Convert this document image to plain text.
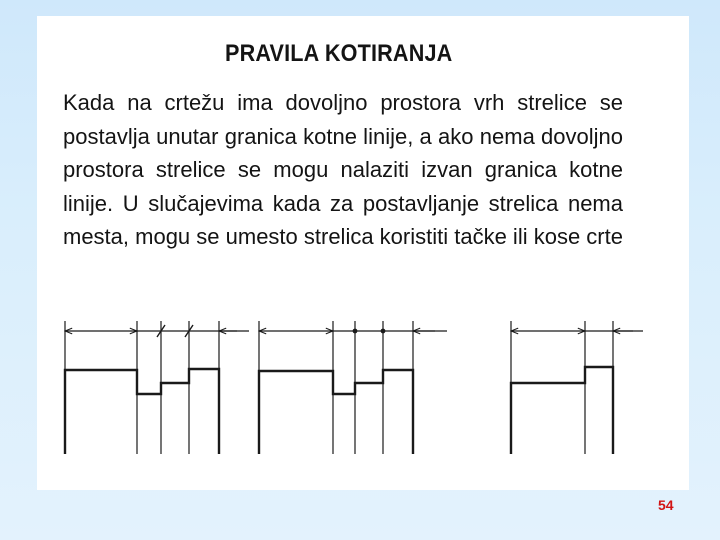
PRAVILA KOTIRANJA

Kada na crtežu ima dovoljno prostora vrh strelice se postavlja unutar granica kotne linije, a ako nema dovoljno prostora strelice se mogu nalaziti izvan granica kotne linije. U slučajevima kada za postavljanje strelica nema mesta, mogu se umesto strelica koristiti tačke ili kose crte

54
